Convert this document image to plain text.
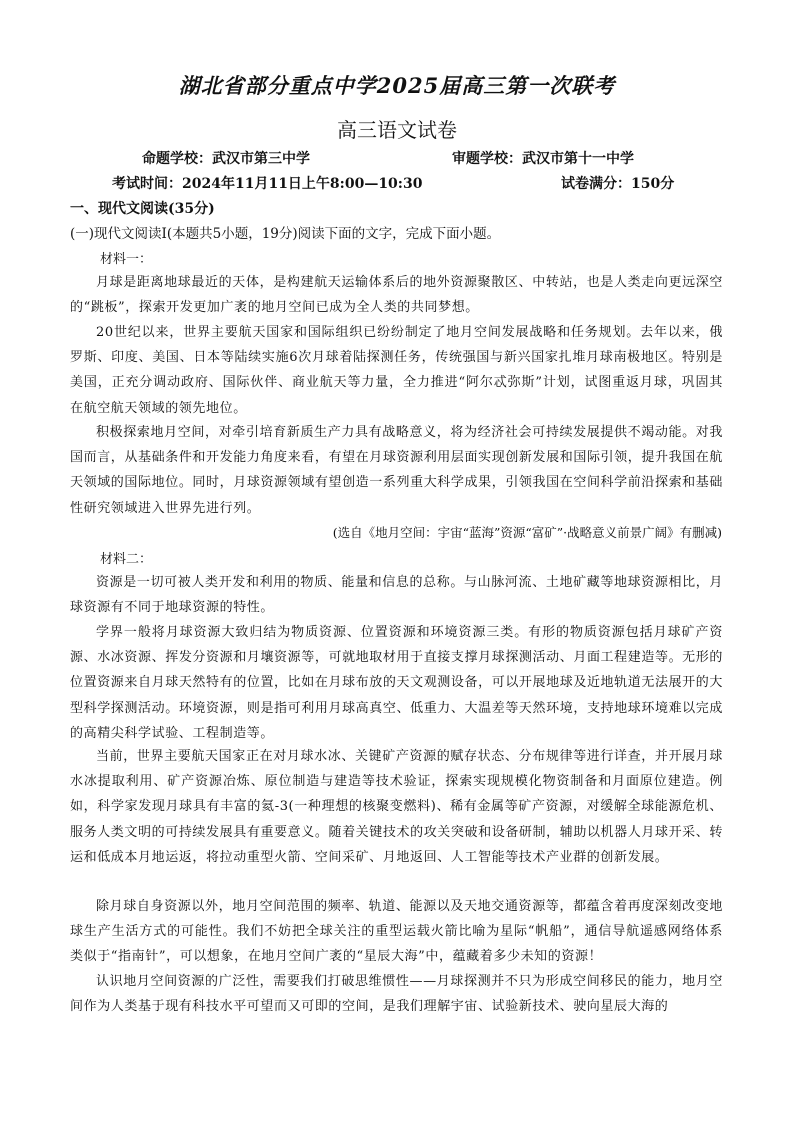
湖北省部分重点中学2025届高三第一次联考
高三语文试卷
命题学校：武汉市第三中学	审题学校：武汉市第十一中学
考试时间：2024年11月11日上午8:00—10:30	试卷满分：150分
一、现代文阅读(35分)
(一)现代文阅读I(本题共5小题，19分)阅读下面的文字，完成下面小题。
材料一：
月球是距离地球最近的天体，是构建航天运输体系后的地外资源聚散区、中转站，也是人类走向更远深空的“跳板”，探索开发更加广袤的地月空间已成为全人类的共同梦想。
20世纪以来，世界主要航天国家和国际组织已纷纷制定了地月空间发展战略和任务规划。去年以来，俄罗斯、印度、美国、日本等陆续实施6次月球着陆探测任务，传统强国与新兴国家扎堆月球南极地区。特别是美国，正充分调动政府、国际伙伴、商业航天等力量，全力推进“阿尔忒弥斯”计划，试图重返月球，巩固其在航空航天领域的领先地位。
积极探索地月空间，对牵引培育新质生产力具有战略意义，将为经济社会可持续发展提供不竭动能。对我国而言，从基础条件和开发能力角度来看，有望在月球资源利用层面实现创新发展和国际引领，提升我国在航天领域的国际地位。同时，月球资源领域有望创造一系列重大科学成果，引领我国在空间科学前沿探索和基础性研究领域进入世界先进行列。
(选自《地月空间：宇宙“蓝海”资源“富矿”·战略意义前景广阔》有删减)
材料二：
资源是一切可被人类开发和利用的物质、能量和信息的总称。与山脉河流、土地矿藏等地球资源相比，月球资源有不同于地球资源的特性。
学界一般将月球资源大致归结为物质资源、位置资源和环境资源三类。有形的物质资源包括月球矿产资源、水冰资源、挥发分资源和月壤资源等，可就地取材用于直接支撑月球探测活动、月面工程建造等。无形的位置资源来自月球天然特有的位置，比如在月球布放的天文观测设备，可以开展地球及近地轨道无法展开的大型科学探测活动。环境资源，则是指可利用月球高真空、低重力、大温差等天然环境，支持地球环境难以完成的高精尖科学试验、工程制造等。
当前，世界主要航天国家正在对月球水冰、关键矿产资源的赋存状态、分布规律等进行详查，并开展月球水冰提取利用、矿产资源冶炼、原位制造与建造等技术验证，探索实现规模化物资制备和月面原位建造。例如，科学家发现月球具有丰富的氦-3(一种理想的核聚变燃料)、稀有金属等矿产资源，对缓解全球能源危机、服务人类文明的可持续发展具有重要意义。随着关键技术的攻关突破和设备研制，辅助以机器人月球开采、转运和低成本月地运返，将拉动重型火箭、空间采矿、月地返回、人工智能等技术产业群的创新发展。
除月球自身资源以外，地月空间范围的频率、轨道、能源以及天地交通资源等，都蕴含着再度深刻改变地球生产生活方式的可能性。我们不妨把全球关注的重型运载火箭比喻为星际“帆船”，通信导航遥感网络体系类似于“指南针”，可以想象，在地月空间广袤的“星辰大海”中，蕴藏着多少未知的资源！
认识地月空间资源的广泛性，需要我们打破思维惯性——月球探测并不只为形成空间移民的能力，地月空间作为人类基于现有科技水平可望而又可即的空间，是我们理解宇宙、试验新技术、驶向星辰大海的
